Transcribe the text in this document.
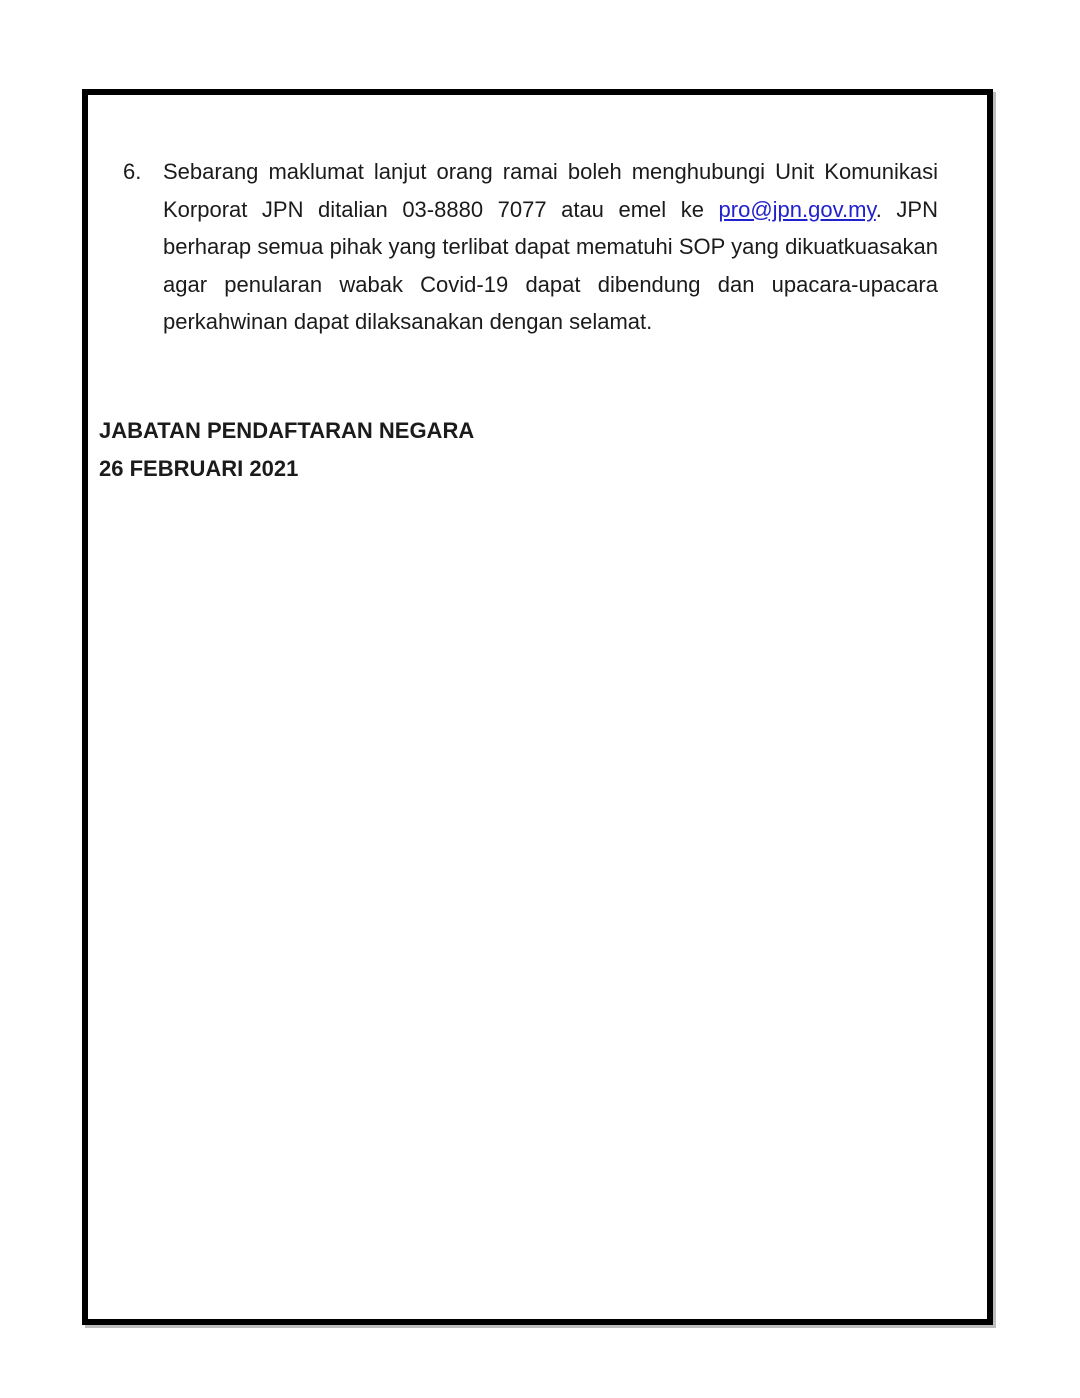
6. Sebarang maklumat lanjut orang ramai boleh menghubungi Unit Komunikasi Korporat JPN ditalian 03-8880 7077 atau emel ke pro@jpn.gov.my. JPN berharap semua pihak yang terlibat dapat mematuhi SOP yang dikuatkuasakan agar penularan wabak Covid-19 dapat dibendung dan upacara-upacara perkahwinan dapat dilaksanakan dengan selamat.

JABATAN PENDAFTARAN NEGARA
26 FEBRUARI 2021
